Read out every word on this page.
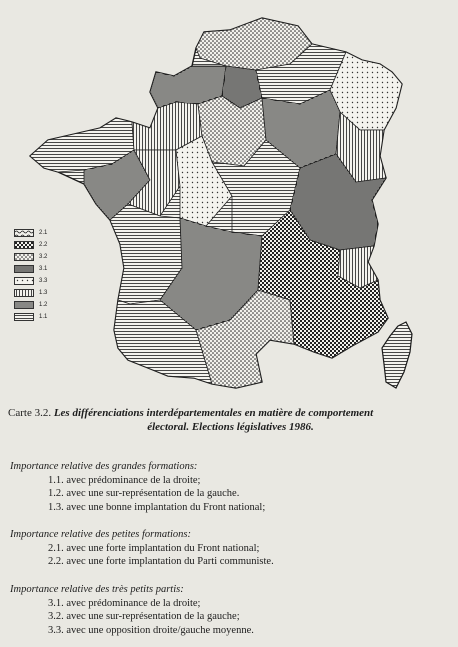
2.1
2.2
3.2
3.1
3.3
1.3
1.2
1.1
Carte 3.2. Les différenciations interdépartementales en matière de comportement
électoral. Elections législatives 1986.
Importance relative des grandes formations:
1.1. avec prédominance de la droite;
1.2. avec une sur-représentation de la gauche.
1.3. avec une bonne implantation du Front national;
Importance relative des petites formations:
2.1. avec une forte implantation du Front national;
2.2. avec une forte implantation du Parti communiste.
Importance relative des très petits partis:
3.1. avec prédominance de la droite;
3.2. avec une sur-représentation de la gauche;
3.3. avec une opposition droite/gauche moyenne.
